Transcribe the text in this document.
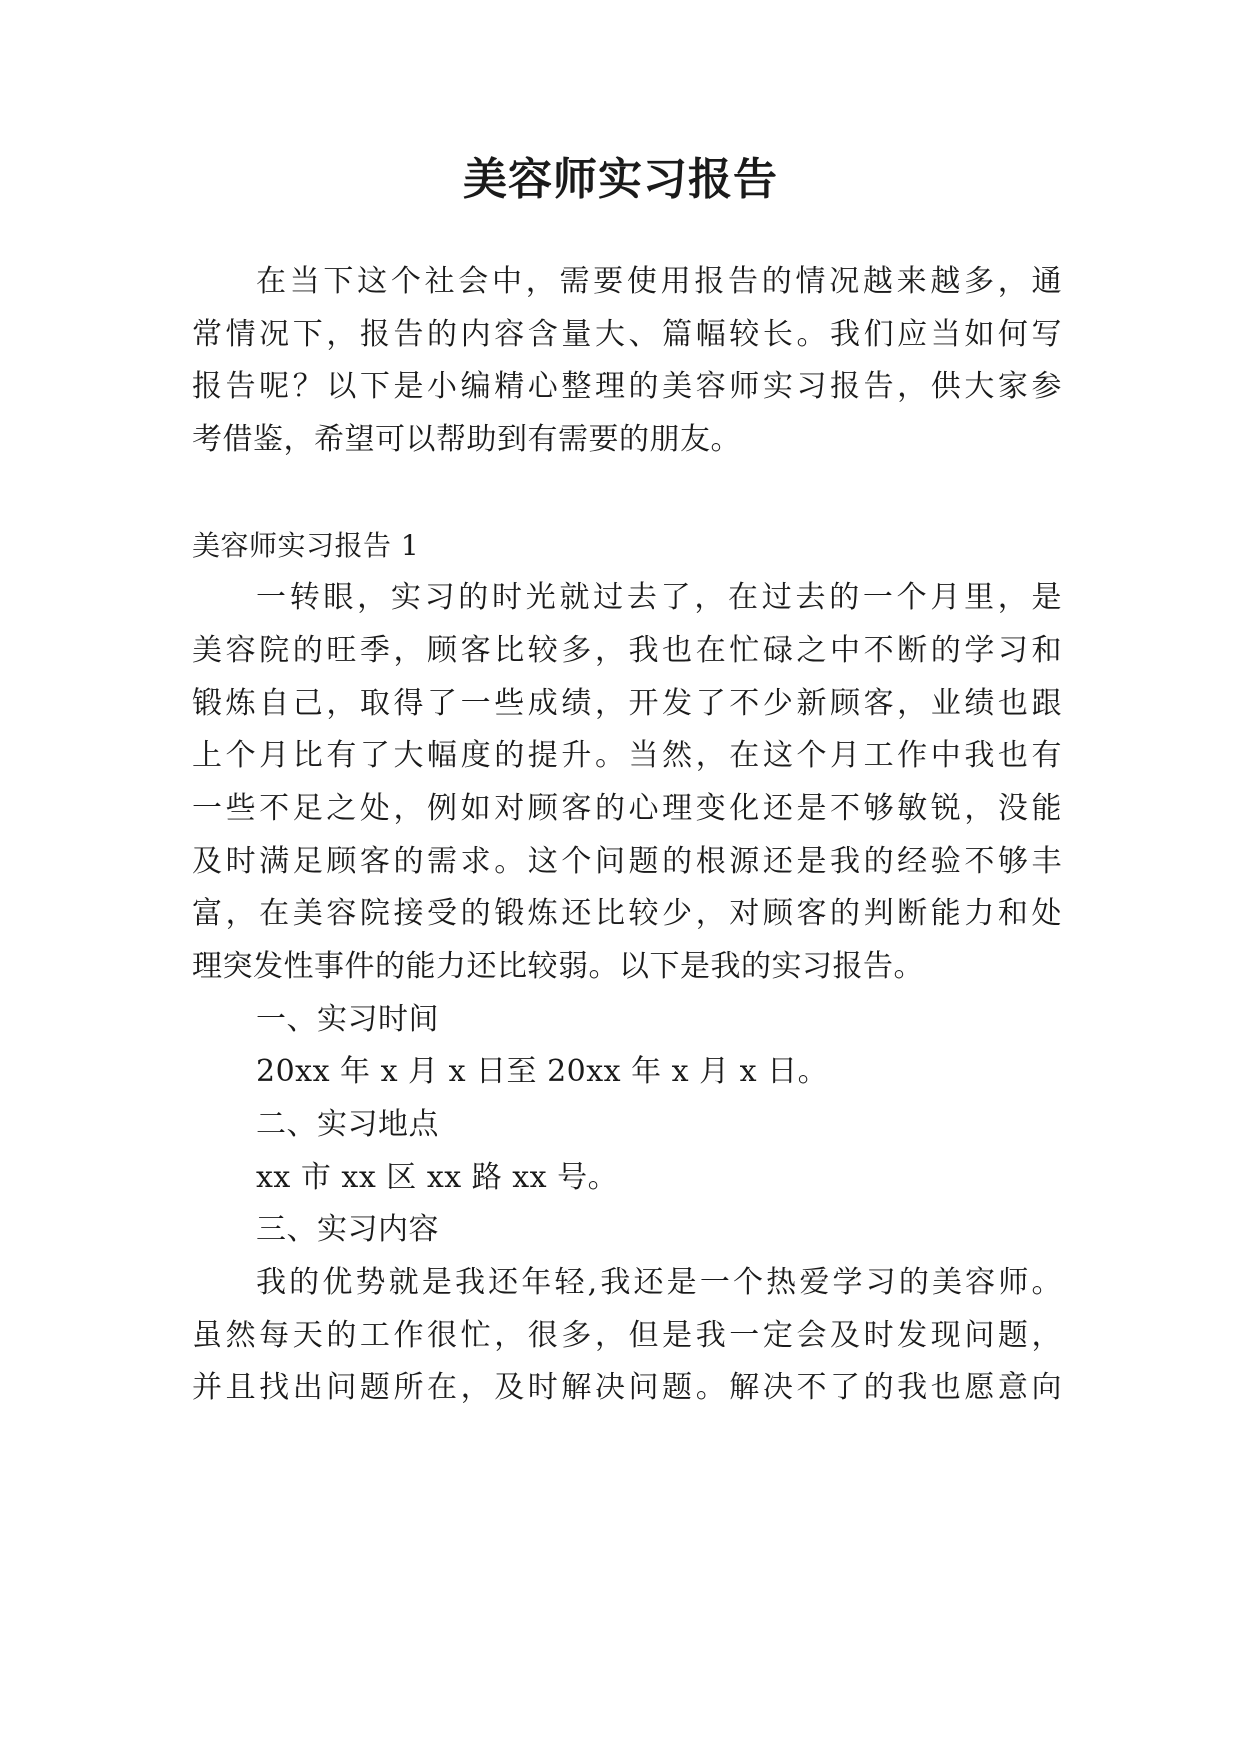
美容师实习报告
在当下这个社会中，需要使用报告的情况越来越多，通
常情况下，报告的内容含量大、篇幅较长。我们应当如何写
报告呢？以下是小编精心整理的美容师实习报告，供大家参
考借鉴，希望可以帮助到有需要的朋友。
美容师实习报告 1
一转眼，实习的时光就过去了，在过去的一个月里，是
美容院的旺季，顾客比较多，我也在忙碌之中不断的学习和
锻炼自己，取得了一些成绩，开发了不少新顾客，业绩也跟
上个月比有了大幅度的提升。当然，在这个月工作中我也有
一些不足之处，例如对顾客的心理变化还是不够敏锐，没能
及时满足顾客的需求。这个问题的根源还是我的经验不够丰
富，在美容院接受的锻炼还比较少，对顾客的判断能力和处
理突发性事件的能力还比较弱。以下是我的实习报告。
一、实习时间
20xx 年 x 月 x 日至 20xx 年 x 月 x 日。
二、实习地点
xx 市 xx 区 xx 路 xx 号。
三、实习内容
我的优势就是我还年轻,我还是一个热爱学习的美容师。
虽然每天的工作很忙，很多，但是我一定会及时发现问题，
并且找出问题所在，及时解决问题。解决不了的我也愿意向
